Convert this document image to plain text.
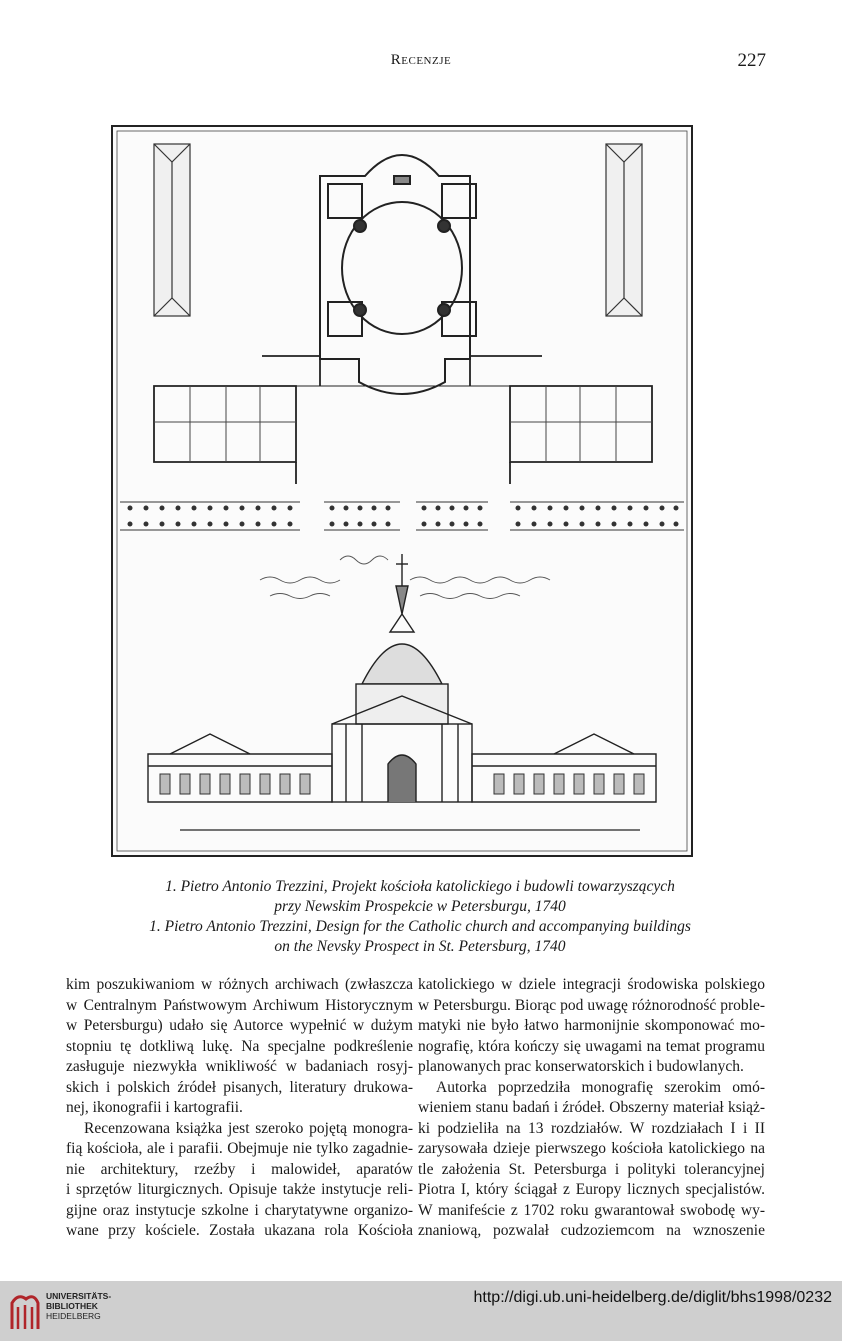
Recenzje	227
1. Pietro Antonio Trezzini, Projekt kościoła katolickiego i budowli towarzyszących
przy Newskim Prospekcie w Petersburgu, 1740
1. Pietro Antonio Trezzini, Design for the Catholic church and accompanying buildings
on the Nevsky Prospect in St. Petersburg, 1740
kim poszukiwaniom w różnych archiwach (zwłaszcza
w Centralnym Państwowym Archiwum Historycznym
w Petersburgu) udało się Autorce wypełnić w dużym
stopniu tę dotkliwą lukę. Na specjalne podkreślenie
zasługuje niezwykła wnikliwość w badaniach rosyj-
skich i polskich źródeł pisanych, literatury drukowa-
nej, ikonografii i kartografii.
Recenzowana książka jest szeroko pojętą monogra-
fią kościoła, ale i parafii. Obejmuje nie tylko zagadnie-
nie architektury, rzeźby i malowideł, aparatów
i sprzętów liturgicznych. Opisuje także instytucje reli-
gijne oraz instytucje szkolne i charytatywne organizo-
wane przy kościele. Została ukazana rola Kościoła
katolickiego w dziele integracji środowiska polskiego
w Petersburgu. Biorąc pod uwagę różnorodność proble-
matyki nie było łatwo harmonijnie skomponować mo-
nografię, która kończy się uwagami na temat programu
planowanych prac konserwatorskich i budowlanych.
Autorka poprzedziła monografię szerokim omó-
wieniem stanu badań i źródeł. Obszerny materiał książ-
ki podzieliła na 13 rozdziałów. W rozdziałach I i II
zarysowała dzieje pierwszego kościoła katolickiego na
tle założenia St. Petersburga i polityki tolerancyjnej
Piotra I, który ściągał z Europy licznych specjalistów.
W manifeście z 1702 roku gwarantował swobodę wy-
znaniową, pozwalał cudzoziemcom na wznoszenie
UNIVERSITÄTS-
BIBLIOTHEK
HEIDELBERG
http://digi.ub.uni-heidelberg.de/diglit/bhs1998/0232
